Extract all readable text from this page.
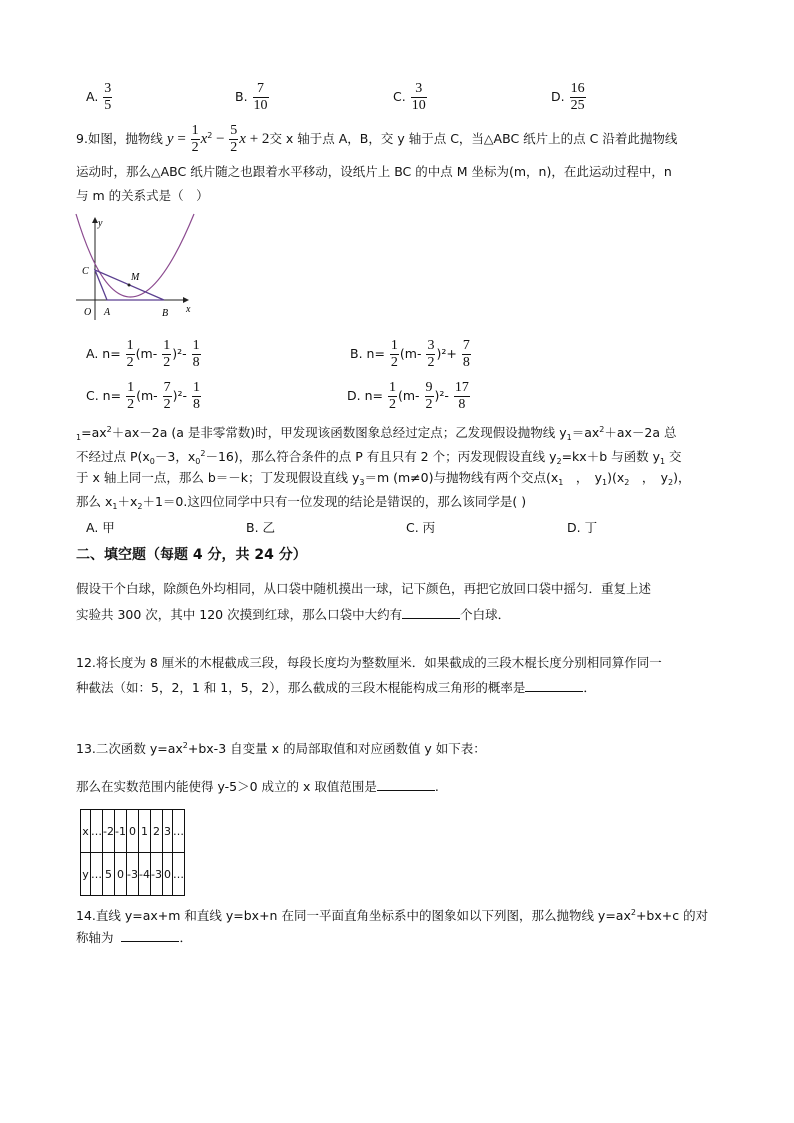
A. $\frac{3}{5}$	B. $\frac{7}{10}$	C. $\frac{3}{10}$	D. $\frac{16}{25}$
9.如图，抛物线 $y = \frac{1}{2} x^2 - \frac{5}{2}$ x + 2交 x 轴于点 A，B，交 y 轴于点 C，当△ABC 纸片上的点 C 沿着此抛物线
运动时，那么△ABC 纸片随之也跟着水平移动，设纸片上 BC 的中点 M 坐标为(m，n)，在此运动过程中，n
与 m 的关系式是（　）
y
x
O A	B
C
M
A. $n= \frac{1}{2} (m- \frac{1}{2} )^2- \frac{1}{8}$	B. $n= \frac{1}{2} (m- \frac{3}{2} )^2+ \frac{7}{8}$
C. $n= \frac{1}{2} (m- \frac{7}{2} )^2- \frac{1}{8}$	D. $n= \frac{1}{2} (m- \frac{9}{2} )^2- \frac{17}{8}$
$_1=ax^2+ax-2a$ (a 是非零常数)时，甲发现该函数图象总经过定点；乙发现假设抛物线 $y_1=ax^2+ax-2a$ 总
不经过点 $P(x_0-3$，$x_0^2-16$)，那么符合条件的点 P 有且只有 2 个；丙发现假设直线 $y_2=kx+b$ 与函数 $y_1$ 交
于 x 轴上同一点，那么 b＝－k；丁发现假设直线 $y_3=m$ (m≠0)与抛物线有两个交点($x_1$　，　$y_1)(x_2$　，　$y_2$)，
那么 $x_1+x_2+1=0$.这四位同学中只有一位发现的结论是错误的，那么该同学是( )
A. 甲	B. 乙	C. 丙	D. 丁
二、填空题（每题 4 分，共 24 分）
假设干个白球，除颜色外均相同，从口袋中随机摸出一球，记下颜色，再把它放回口袋中摇匀．重复上述
实验共 300 次，其中 120 次摸到红球，那么口袋中大约有	个白球．
12.将长度为 8 厘米的木棍截成三段，每段长度均为整数厘米．如果截成的三段木棍长度分别相同算作同一
种截法（如：5，2，1 和 1，5，2），那么截成的三段木棍能构成三角形的概率是	．
13.二次函数 $y=ax^2+bx-3$ 自变量 x 的局部取值和对应函数值 y 如下表：
那么在实数范围内能使得 y-5＞0 成立的 x 取值范围是	.
x	…	-2	-1	0	1	2	3	…
y	…	5	0	-3	-4	-3	0	…
14.直线 y=ax+m 和直线 y=bx+n 在同一平面直角坐标系中的图象如以下列图，那么抛物线 $y=ax^2+bx+c$ 的对
称轴为	．
